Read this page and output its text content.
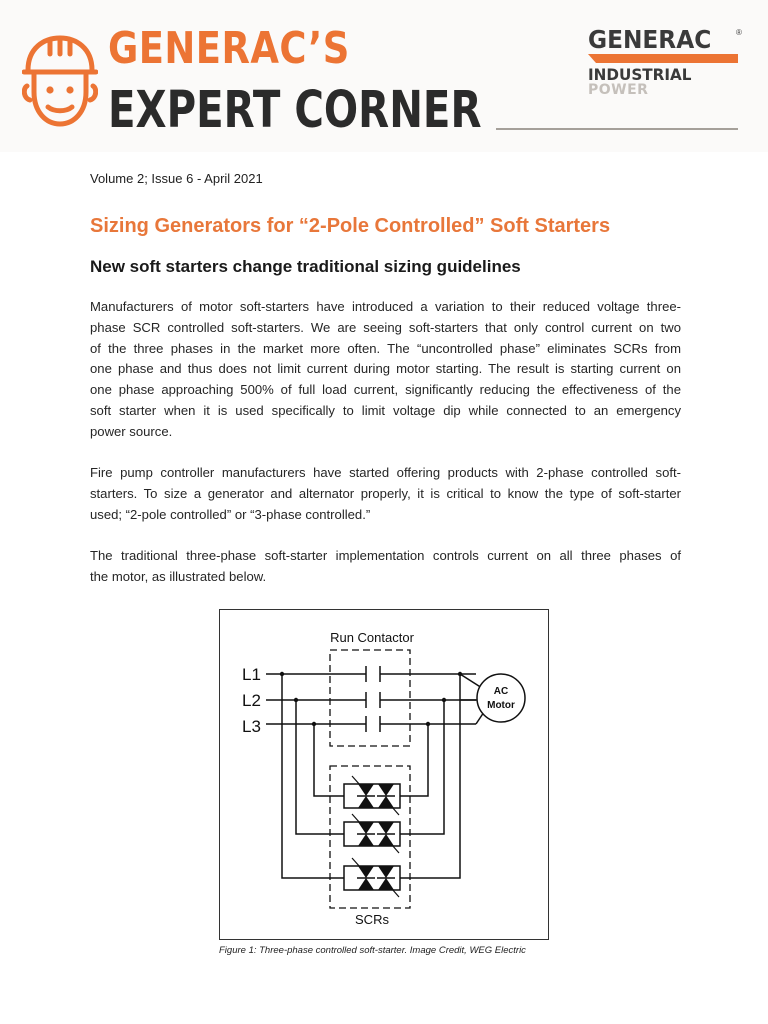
GENERAC’S
EXPERT CORNER
GENERAC	®
INDUSTRIAL
POWER
Volume 2; Issue 6 - April 2021
Sizing Generators for “2-Pole Controlled” Soft Starters
New soft starters change traditional sizing guidelines
Manufacturers of motor soft-starters have introduced a variation to their reduced voltage three-
phase SCR controlled soft-starters. We are seeing soft-starters that only control current on two
of the three phases in the market more often. The “uncontrolled phase” eliminates SCRs from
one phase and thus does not limit current during motor starting. The result is starting current on
one phase approaching 500% of full load current, significantly reducing the effectiveness of the
soft starter when it is used specifically to limit voltage dip while connected to an emergency
power source.
Fire pump controller manufacturers have started offering products with 2-phase controlled soft-
starters. To size a generator and alternator properly, it is critical to know the type of soft-starter
used; “2-pole controlled” or “3-phase controlled.”
The traditional three-phase soft-starter implementation controls current on all three phases of
the motor, as illustrated below.
Run Contactor
L1
L2
L3
AC
Motor
SCRs
Figure 1: Three-phase controlled soft-starter. Image Credit, WEG Electric
